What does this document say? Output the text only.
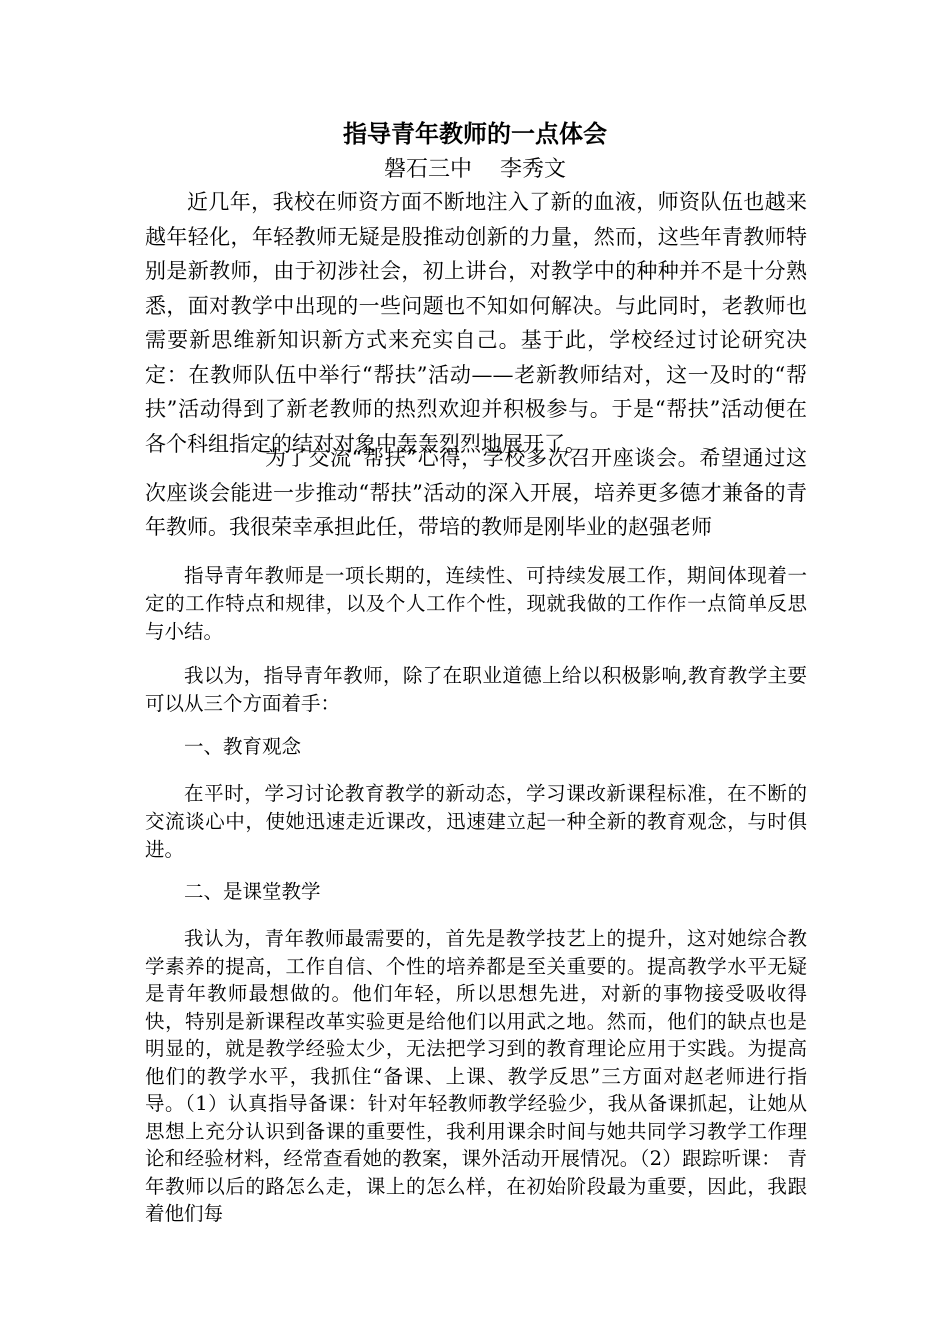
指导青年教师的一点体会
磐石三中    李秀文

近几年，我校在师资方面不断地注入了新的血液，师资队伍也越来越年轻化，年轻教师无疑是股推动创新的力量，然而，这些年青教师特别是新教师，由于初涉社会，初上讲台，对教学中的种种并不是十分熟悉，面对教学中出现的一些问题也不知如何解决。与此同时，老教师也需要新思维新知识新方式来充实自己。基于此，学校经过讨论研究决定：在教师队伍中举行“帮扶”活动——老新教师结对，这一及时的“帮扶”活动得到了新老教师的热烈欢迎并积极参与。于是“帮扶”活动便在各个科组指定的结对对象中轰轰烈烈地展开了。

为了交流“帮扶”心得，学校多次召开座谈会。希望通过这次座谈会能进一步推动“帮扶”活动的深入开展，培养更多德才兼备的青年教师。我很荣幸承担此任，带培的教师是刚毕业的赵强老师

指导青年教师是一项长期的，连续性、可持续发展工作，期间体现着一定的工作特点和规律，以及个人工作个性，现就我做的工作作一点简单反思与小结。

我以为，指导青年教师，除了在职业道德上给以积极影响,教育教学主要可以从三个方面着手：

一、教育观念

在平时，学习讨论教育教学的新动态，学习课改新课程标准，在不断的交流谈心中，使她迅速走近课改，迅速建立起一种全新的教育观念，与时俱进。

二、是课堂教学

我认为，青年教师最需要的，首先是教学技艺上的提升，这对她综合教学素养的提高，工作自信、个性的培养都是至关重要的。提高教学水平无疑是青年教师最想做的。他们年轻，所以思想先进，对新的事物接受吸收得快，特别是新课程改革实验更是给他们以用武之地。然而，他们的缺点也是明显的，就是教学经验太少，无法把学习到的教育理论应用于实践。为提高他们的教学水平，我抓住“备课、上课、教学反思”三方面对赵老师进行指导。（1）认真指导备课：针对年轻教师教学经验少，我从备课抓起，让她从思想上充分认识到备课的重要性，我利用课余时间与她共同学习教学工作理论和经验材料，经常查看她的教案，课外活动开展情况。（2）跟踪听课： 青年教师以后的路怎么走，课上的怎么样，在初始阶段最为重要，因此，我跟着他们每
